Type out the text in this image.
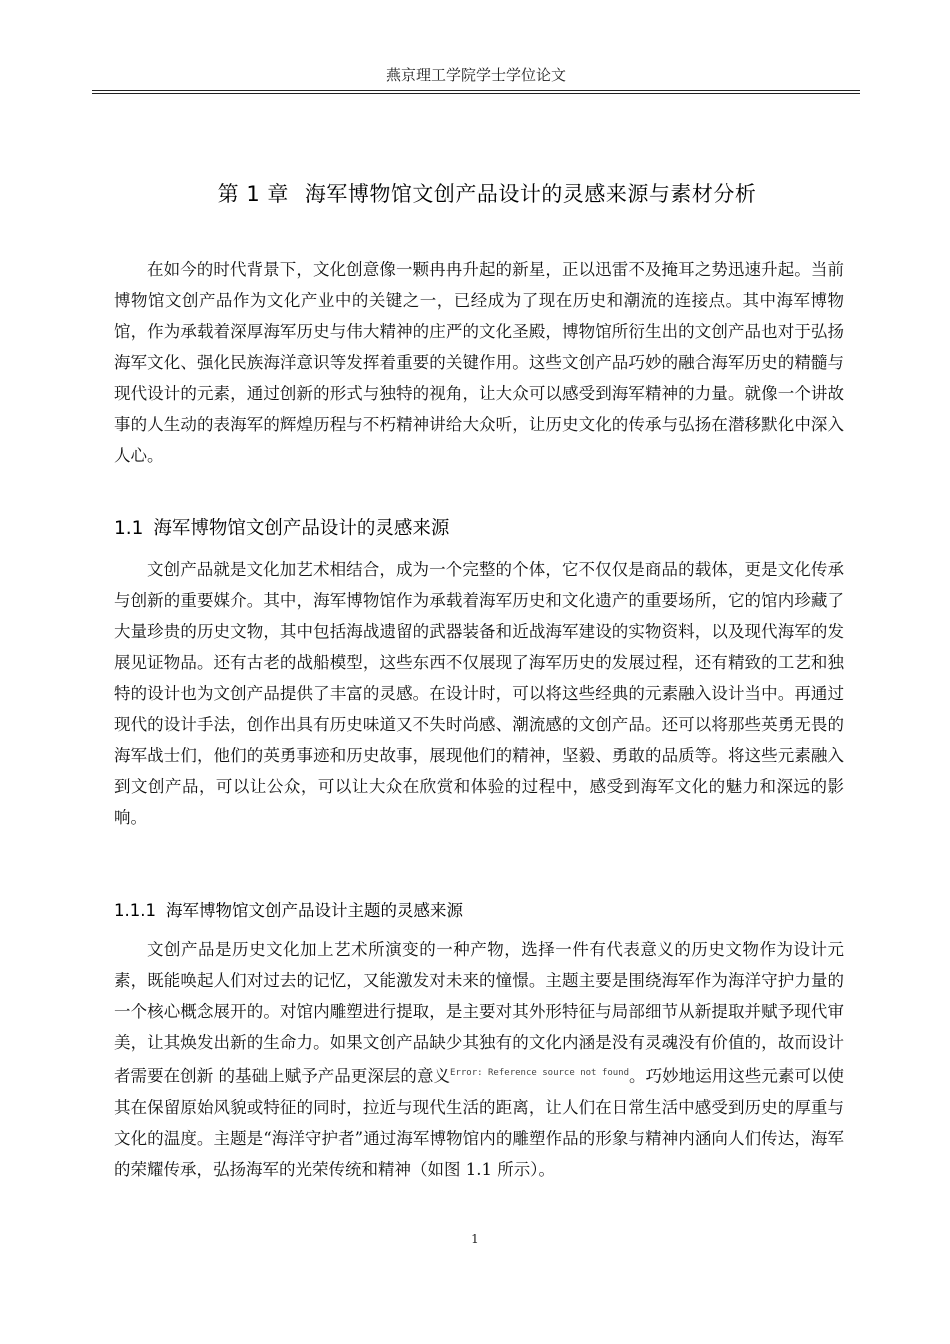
燕京理工学院学士学位论文
第 1 章 海军博物馆文创产品设计的灵感来源与素材分析

在如今的时代背景下，文化创意像一颗冉冉升起的新星，正以迅雷不及掩耳之势迅速升起。当前博物馆文创产品作为文化产业中的关键之一，已经成为了现在历史和潮流的连接点。其中海军博物馆，作为承载着深厚海军历史与伟大精神的庄严的文化圣殿，博物馆所衍生出的文创产品也对于弘扬海军文化、强化民族海洋意识等发挥着重要的关键作用。这些文创产品巧妙的融合海军历史的精髓与现代设计的元素，通过创新的形式与独特的视角，让大众可以感受到海军精神的力量。就像一个讲故事的人生动的表海军的辉煌历程与不朽精神讲给大众听，让历史文化的传承与弘扬在潜移默化中深入人心。

1.1 海军博物馆文创产品设计的灵感来源

文创产品就是文化加艺术相结合，成为一个完整的个体，它不仅仅是商品的载体，更是文化传承与创新的重要媒介。其中，海军博物馆作为承载着海军历史和文化遗产的重要场所，它的馆内珍藏了大量珍贵的历史文物，其中包括海战遗留的武器装备和近战海军建设的实物资料，以及现代海军的发展见证物品。还有古老的战船模型，这些东西不仅展现了海军历史的发展过程，还有精致的工艺和独特的设计也为文创产品提供了丰富的灵感。在设计时，可以将这些经典的元素融入设计当中。再通过现代的设计手法，创作出具有历史味道又不失时尚感、潮流感的文创产品。还可以将那些英勇无畏的海军战士们，他们的英勇事迹和历史故事，展现他们的精神，坚毅、勇敢的品质等。将这些元素融入到文创产品，可以让公众，可以让大众在欣赏和体验的过程中，感受到海军文化的魅力和深远的影响。

1.1.1 海军博物馆文创产品设计主题的灵感来源

文创产品是历史文化加上艺术所演变的一种产物，选择一件有代表意义的历史文物作为设计元素，既能唤起人们对过去的记忆，又能激发对未来的憧憬。主题主要是围绕海军作为海洋守护力量的一个核心概念展开的。对馆内雕塑进行提取，是主要对其外形特征与局部细节从新提取并赋予现代审美，让其焕发出新的生命力。如果文创产品缺少其独有的文化内涵是没有灵魂没有价值的，故而设计者需要在创新 的基础上赋予产品更深层的意义$^{Error: Reference source not found}$。巧妙地运用这些元素可以使其在保留原始风貌或特征的同时，拉近与现代生活的距离，让人们在日常生活中感受到历史的厚重与文化的温度。主题是“海洋守护者”通过海军博物馆内的雕塑作品的形象与精神内涵向人们传达，海军的荣耀传承，弘扬海军的光荣传统和精神（如图 1.1 所示）。

1
